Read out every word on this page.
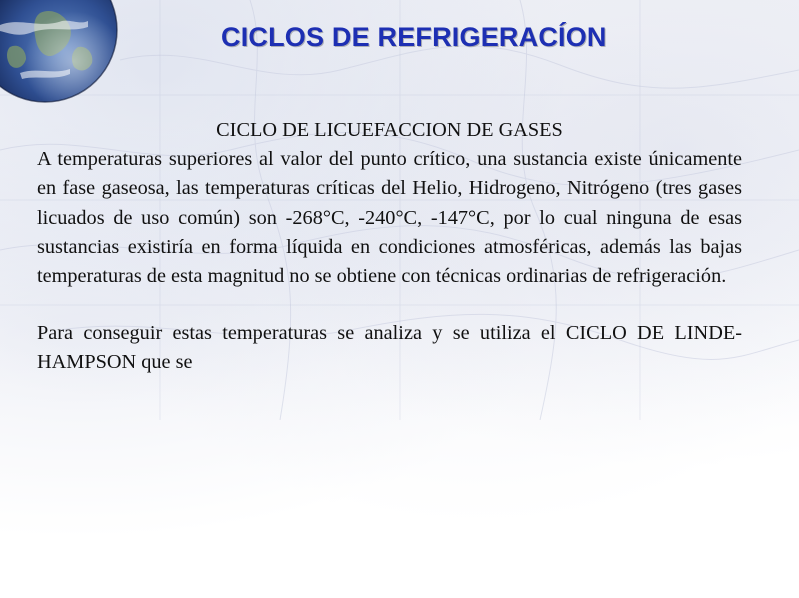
CICLOS DE REFRIGERACÍON

CICLO DE LICUEFACCION DE GASES

A temperaturas superiores al valor del punto crítico, una sustancia existe únicamente en fase gaseosa, las temperaturas críticas del Helio, Hidrogeno, Nitrógeno (tres gases licuados de uso común) son -268°C, -240°C, -147°C, por lo cual ninguna de esas sustancias existiría en forma líquida en condiciones atmosféricas, además las bajas temperaturas de esta magnitud no se obtiene con técnicas ordinarias de refrigeración.

Para conseguir estas temperaturas se analiza y se utiliza el CICLO DE LINDE-HAMPSON que se
